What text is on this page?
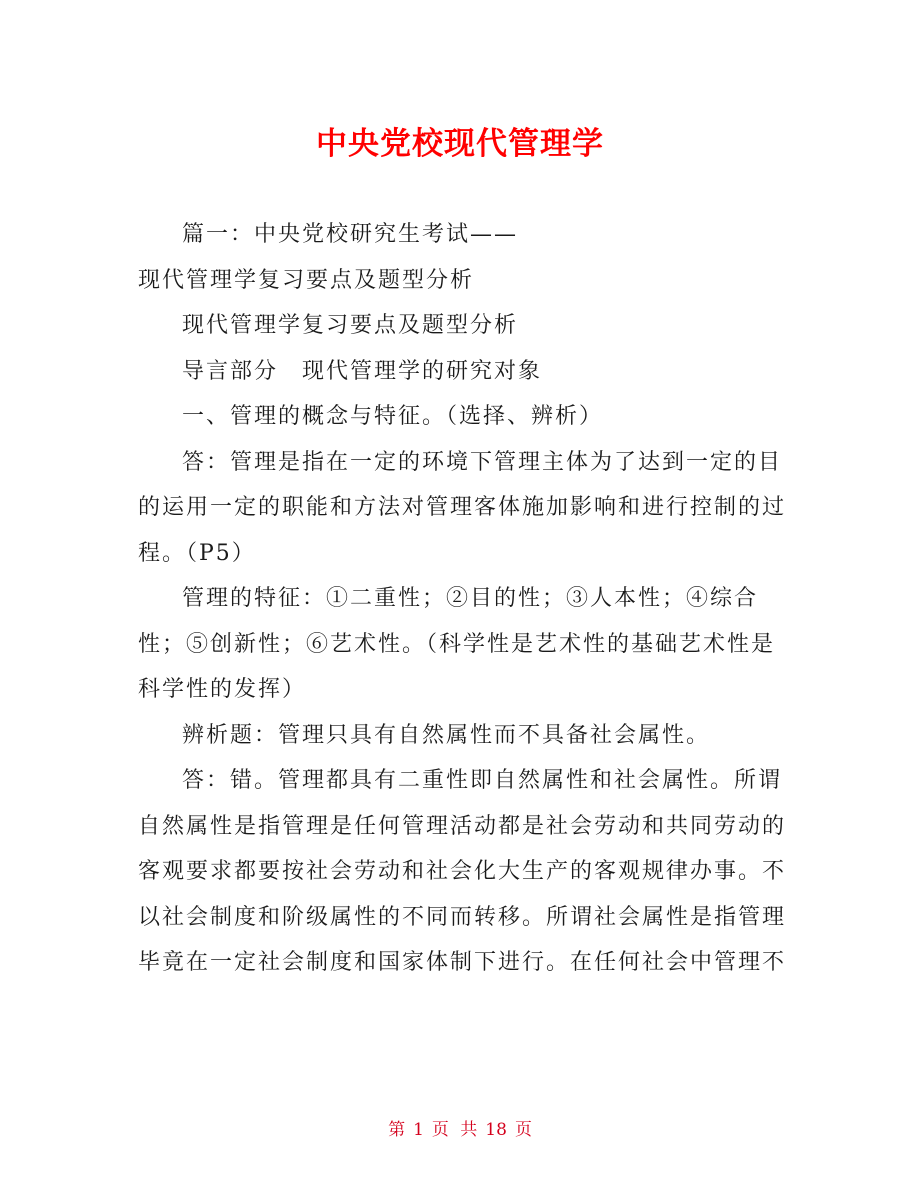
中央党校现代管理学

篇一：中央党校研究生考试——

现代管理学复习要点及题型分析

现代管理学复习要点及题型分析

导言部分　现代管理学的研究对象

一、管理的概念与特征。（选择、辨析）

答：管理是指在一定的环境下管理主体为了达到一定的目的运用一定的职能和方法对管理客体施加影响和进行控制的过程。（P5）

管理的特征：①二重性；②目的性；③人本性；④综合性；⑤创新性；⑥艺术性。（科学性是艺术性的基础艺术性是科学性的发挥）

辨析题：管理只具有自然属性而不具备社会属性。

答：错。管理都具有二重性即自然属性和社会属性。所谓自然属性是指管理是任何管理活动都是社会劳动和共同劳动的客观要求都要按社会劳动和社会化大生产的客观规律办事。不以社会制度和阶级属性的不同而转移。所谓社会属性是指管理毕竟在一定社会制度和国家体制下进行。在任何社会中管理不

第 1 页 共 18 页
